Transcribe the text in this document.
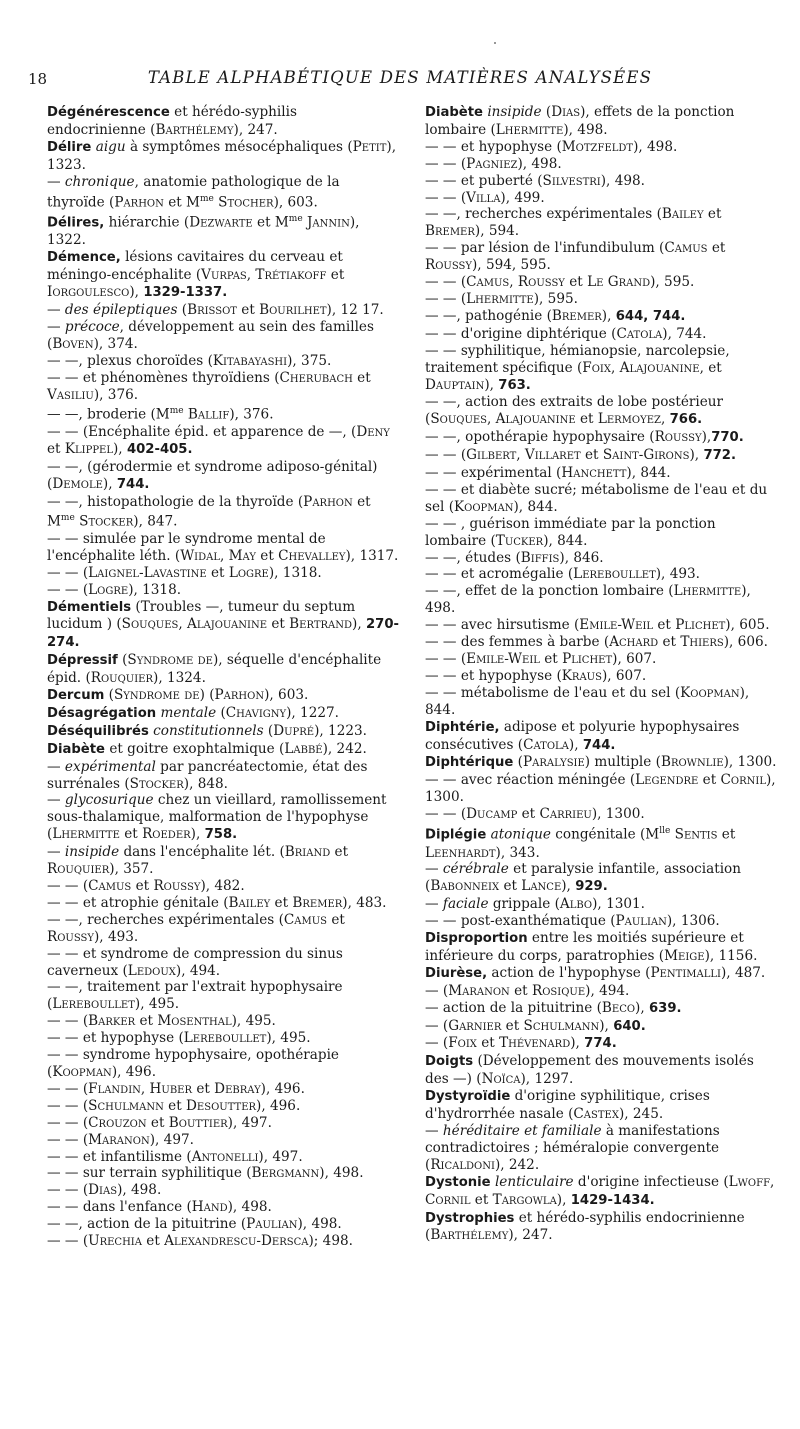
18	TABLE ALPHABÉTIQUE DES MATIÈRES ANALYSÉES

Dégénérescence et hérédo-syphilis endocrinienne (Barthélemy), 247.

Délire aigu à symptômes mésocéphaliques (Petit), 1323.

— chronique, anatomie pathologique de la thyroïde (Parhon et $M^{me}$ Stocher), 603.

Délires, hiérarchie (Dezwarte et $M^{me}$ Jannin), 1322.

Démence, lésions cavitaires du cerveau et méningo-encéphalite (Vurpas, Trétiakoff et Iorgoulesco), 1329-1337.

— des épileptiques (Brissot et Bourilhet), 12 17.

— précoce, développement au sein des familles (Boven), 374.

— —, plexus choroïdes (Kitabayashi), 375.

— — et phénomènes thyroïdiens (Cherubach et Vasiliu), 376.

— —, broderie ($M^{me}$ Ballif), 376.

— — (Encéphalite épid. et apparence de —, (Deny et Klippel), 402-405.

— —, (gérodermie et syndrome adiposo-génital) (Demole), 744.

— —, histopathologie de la thyroïde (Parhon et $M^{me}$ Stocker), 847.

— — simulée par le syndrome mental de l'encéphalite léth. (Widal, May et Chevalley), 1317.

— — (Laignel-Lavastine et Logre), 1318.

— — (Logre), 1318.

Démentiels (Troubles —, tumeur du septum lucidum ) (Souques, Alajouanine et Bertrand), 270-274.

Dépressif (Syndrome de), séquelle d'encéphalite épid. (Rouquier), 1324.

Dercum (Syndrome de) (Parhon), 603.

Désagrégation mentale (Chavigny), 1227.

Déséquilibrés constitutionnels (Dupré), 1223.

Diabète et goitre exophtalmique (Labbé), 242.

— expérimental par pancréatectomie, état des surrénales (Stocker), 848.

— glycosurique chez un vieillard, ramollissement sous-thalamique, malformation de l'hypophyse (Lhermitte et Roeder), 758.

— insipide dans l'encéphalite lét. (Briand et Rouquier), 357.

— — (Camus et Roussy), 482.

— — et atrophie génitale (Bailey et Bremer), 483.

— —, recherches expérimentales (Camus et Roussy), 493.

— — et syndrome de compression du sinus caverneux (Ledoux), 494.

— —, traitement par l'extrait hypophysaire (Lereboullet), 495.

— — (Barker et Mosenthal), 495.

— — et hypophyse (Lereboullet), 495.

— — syndrome hypophysaire, opothérapie (Koopman), 496.

— — (Flandin, Huber et Debray), 496.

— — (Schulmann et Desoutter), 496.

— — (Crouzon et Bouttier), 497.

— — (Maranon), 497.

— — et infantilisme (Antonelli), 497.

— — sur terrain syphilitique (Bergmann), 498.

— — (Dias), 498.

— — dans l'enfance (Hand), 498.

— —, action de la pituitrine (Paulian), 498.

— — (Urechia et Alexandrescu-Dersca); 498.

Diabète insipide (Dias), effets de la ponction lombaire (Lhermitte), 498.

— — et hypophyse (Motzfeldt), 498.

— — (Pagniez), 498.

— — et puberté (Silvestri), 498.

— — (Villa), 499.

— —, recherches expérimentales (Bailey et Bremer), 594.

— — par lésion de l'infundibulum (Camus et Roussy), 594, 595.

— — (Camus, Roussy et Le Grand), 595.

— — (Lhermitte), 595.

— —, pathogénie (Bremer), 644, 744.

— — d'origine diphtérique (Catola), 744.

— — syphilitique, hémianopsie, narcolepsie, traitement spécifique (Foix, Alajouanine, et Dauptain), 763.

— —, action des extraits de lobe postérieur (Souques, Alajouanine et Lermoyez, 766.

— —, opothérapie hypophysaire (Roussy),770.

— — (Gilbert, Villaret et Saint-Girons), 772.

— — expérimental (Hanchett), 844.

— — et diabète sucré; métabolisme de l'eau et du sel (Koopman), 844.

— — , guérison immédiate par la ponction lombaire (Tucker), 844.

— —, études (Biffis), 846.

— — et acromégalie (Lereboullet), 493.

— —, effet de la ponction lombaire (Lhermitte), 498.

— — avec hirsutisme (Emile-Weil et Plichet), 605.

— — des femmes à barbe (Achard et Thiers), 606.

— — (Emile-Weil et Plichet), 607.

— — et hypophyse (Kraus), 607.

— — métabolisme de l'eau et du sel (Koopman), 844.

Diphtérie, adipose et polyurie hypophysaires consécutives (Catola), 744.

Diphtérique (Paralysie) multiple (Brownlie), 1300.

— — avec réaction méningée (Legendre et Cornil), 1300.

— — (Ducamp et Carrieu), 1300.

Diplégie atonique congénitale ($M^{lle}$ Sentis et Leenhardt), 343.

— cérébrale et paralysie infantile, association (Babonneix et Lance), 929.

— faciale grippale (Albo), 1301.

— — post-exanthématique (Paulian), 1306.

Disproportion entre les moitiés supérieure et inférieure du corps, paratrophies (Meige), 1156.

Diurèse, action de l'hypophyse (Pentimalli), 487.

— (Maranon et Rosique), 494.

— action de la pituitrine (Beco), 639.

— (Garnier et Schulmann), 640.

— (Foix et Thévenard), 774.

Doigts (Développement des mouvements isolés des —) (Noïca), 1297.

Dystyroïdie d'origine syphilitique, crises d'hydrorrhée nasale (Castex), 245.

— héréditaire et familiale à manifestations contradictoires ; héméralopie convergente (Ricaldoni), 242.

Dystonie lenticulaire d'origine infectieuse (Lwoff, Cornil et Targowla), 1429-1434.

Dystrophies et hérédo-syphilis endocrinienne (Barthélemy), 247.
